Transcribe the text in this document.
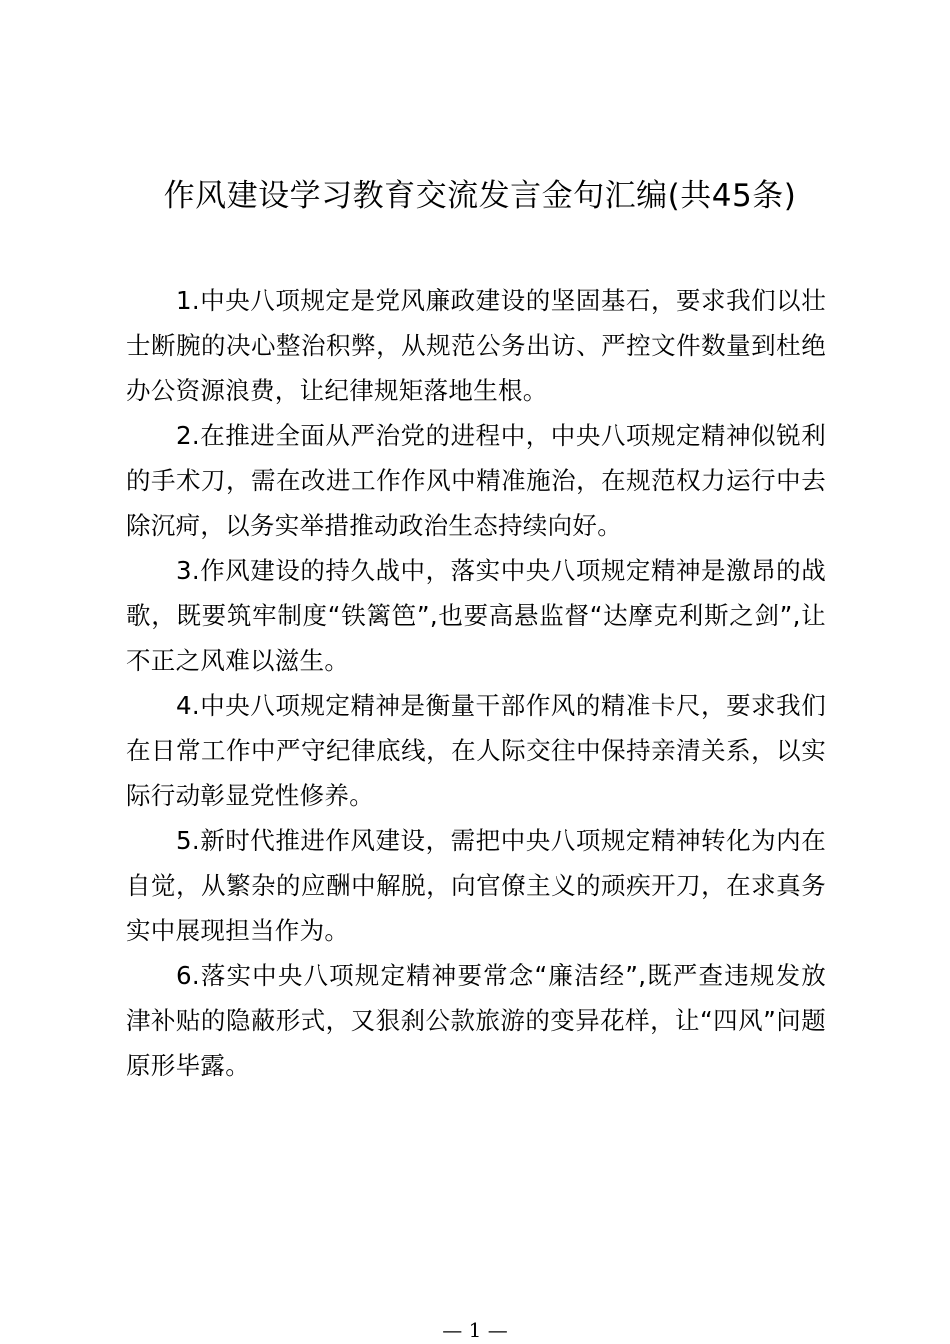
作风建设学习教育交流发言金句汇编(共45条)

1.中央八项规定是党风廉政建设的坚固基石，要求我们以壮士断腕的决心整治积弊，从规范公务出访、严控文件数量到杜绝办公资源浪费，让纪律规矩落地生根。

2.在推进全面从严治党的进程中，中央八项规定精神似锐利的手术刀，需在改进工作作风中精准施治，在规范权力运行中去除沉疴，以务实举措推动政治生态持续向好。

3.作风建设的持久战中，落实中央八项规定精神是激昂的战歌，既要筑牢制度“铁篱笆”,也要高悬监督“达摩克利斯之剑”,让不正之风难以滋生。

4.中央八项规定精神是衡量干部作风的精准卡尺，要求我们在日常工作中严守纪律底线，在人际交往中保持亲清关系，以实际行动彰显党性修养。

5.新时代推进作风建设，需把中央八项规定精神转化为内在自觉，从繁杂的应酬中解脱，向官僚主义的顽疾开刀，在求真务实中展现担当作为。

6.落实中央八项规定精神要常念“廉洁经”,既严查违规发放津补贴的隐蔽形式，又狠刹公款旅游的变异花样，让“四风”问题原形毕露。

— 1 —
